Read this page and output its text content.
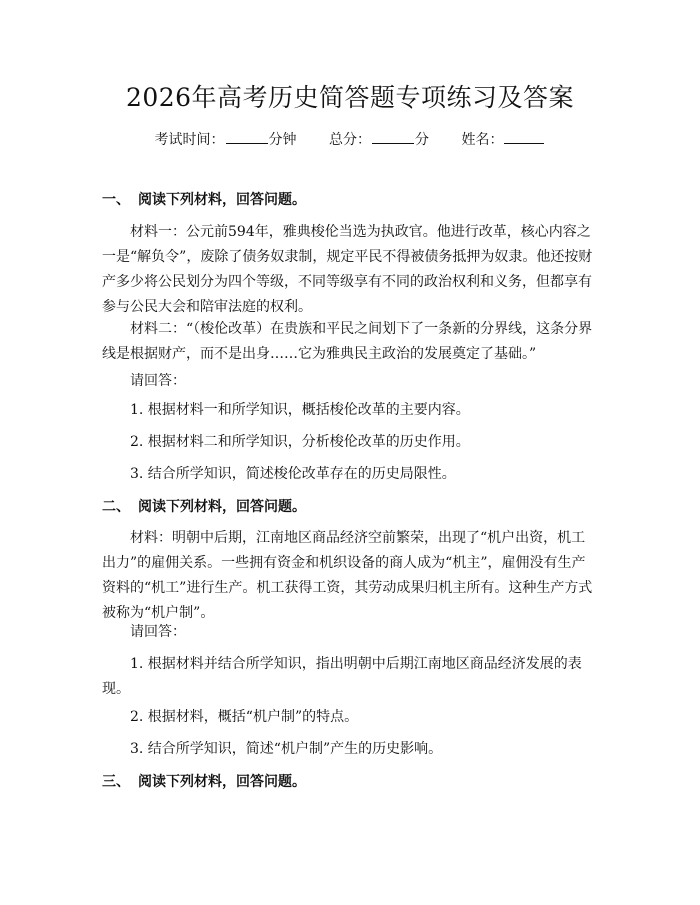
2026年高考历史简答题专项练习及答案
考试时间：	分钟 总分：	分 姓名：
一、 阅读下列材料，回答问题。

材料一：公元前594年，雅典梭伦当选为执政官。他进行改革，核心内容之一是“解负令”，废除了债务奴隶制，规定平民不得被债务抵押为奴隶。他还按财产多少将公民划分为四个等级，不同等级享有不同的政治权利和义务，但都享有参与公民大会和陪审法庭的权利。

材料二：“（梭伦改革）在贵族和平民之间划下了一条新的分界线，这条分界线是根据财产，而不是出身……它为雅典民主政治的发展奠定了基础。”

请回答：
1. 根据材料一和所学知识，概括梭伦改革的主要内容。
2. 根据材料二和所学知识，分析梭伦改革的历史作用。
3. 结合所学知识，简述梭伦改革存在的历史局限性。
二、 阅读下列材料，回答问题。

材料：明朝中后期，江南地区商品经济空前繁荣，出现了“机户出资，机工出力”的雇佣关系。一些拥有资金和机织设备的商人成为“机主”，雇佣没有生产资料的“机工”进行生产。机工获得工资，其劳动成果归机主所有。这种生产方式被称为“机户制”。

请回答：

1. 根据材料并结合所学知识，指出明朝中后期江南地区商品经济发展的表现。

2. 根据材料，概括“机户制”的特点。
3. 结合所学知识，简述“机户制”产生的历史影响。
三、 阅读下列材料，回答问题。
